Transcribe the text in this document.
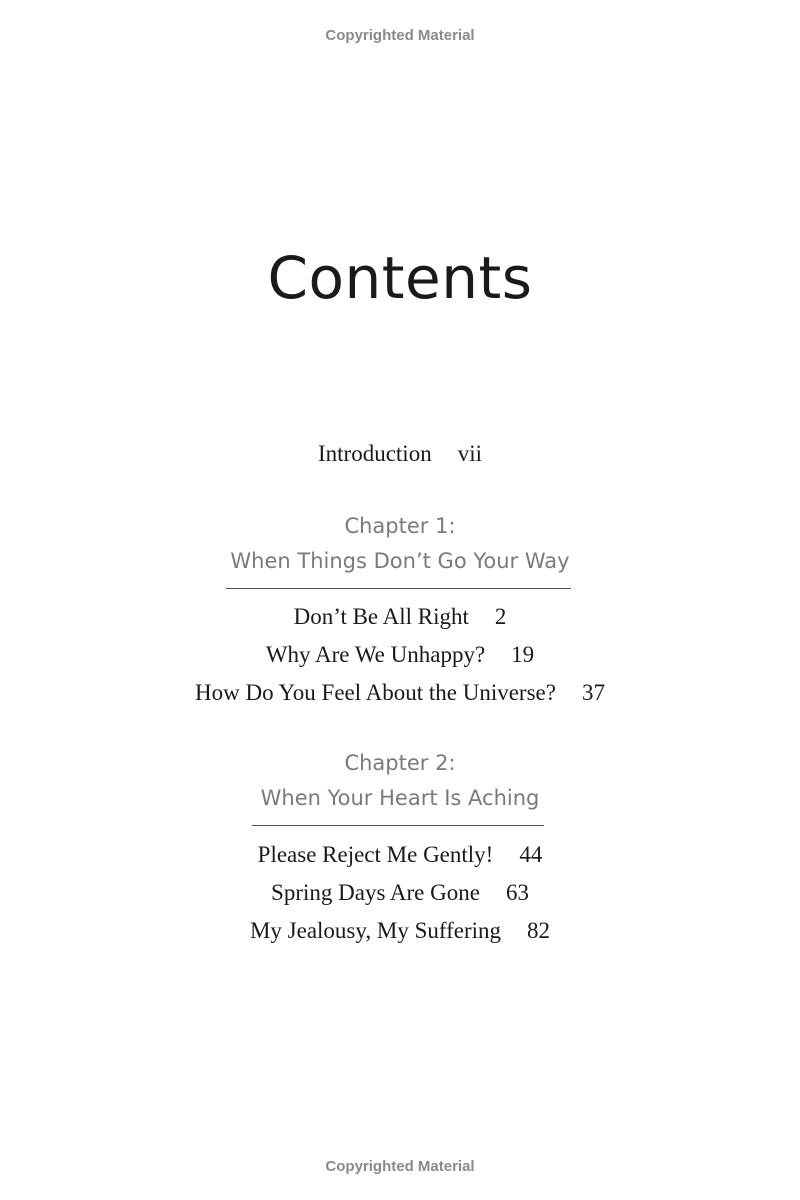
Copyrighted Material
Contents
Introduction vii
Chapter 1:
When Things Don’t Go Your Way
Don’t Be All Right 2
Why Are We Unhappy? 19
How Do You Feel About the Universe? 37
Chapter 2:
When Your Heart Is Aching
Please Reject Me Gently! 44
Spring Days Are Gone 63
My Jealousy, My Suffering 82
Copyrighted Material
